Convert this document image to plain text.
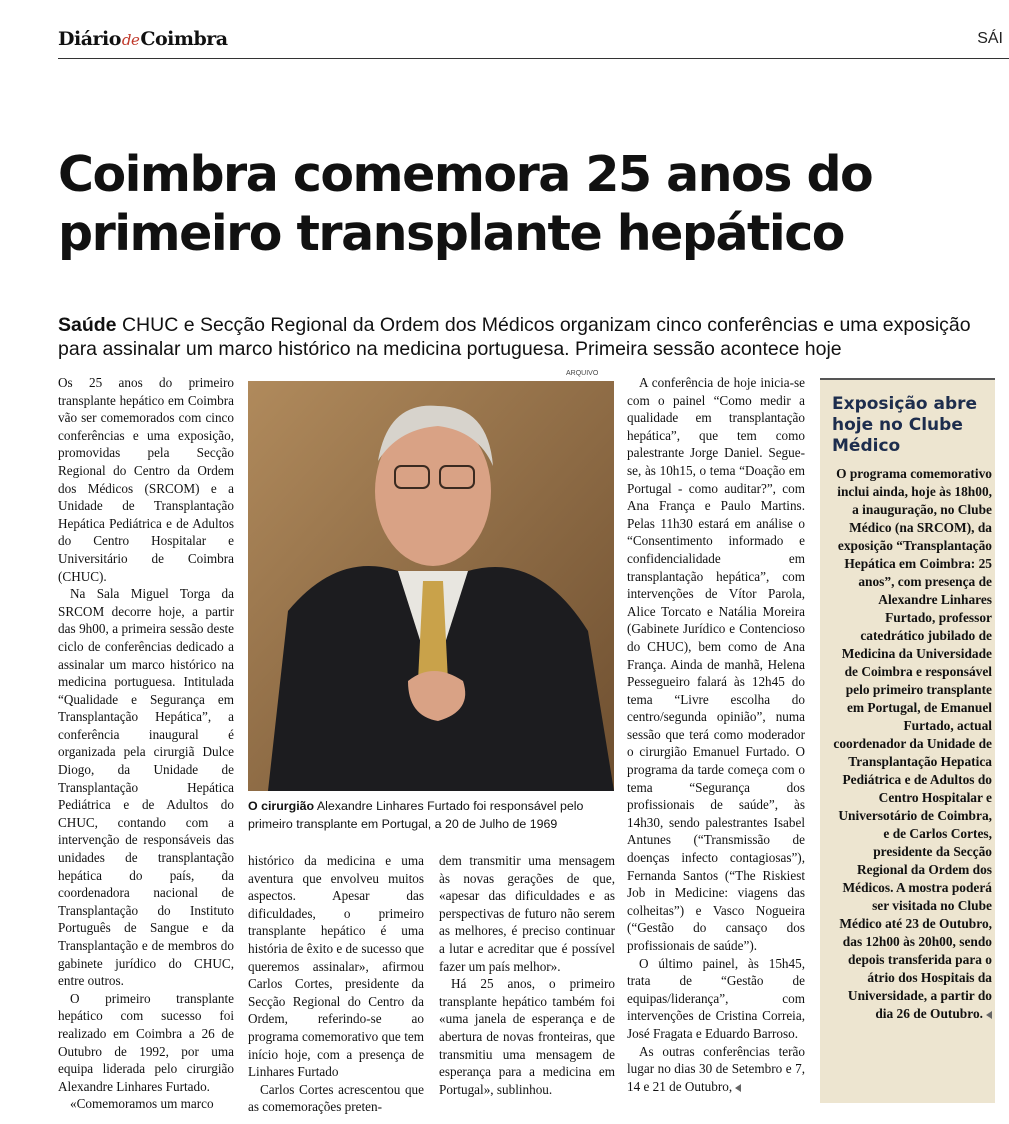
DiáriodeCoimbra	SÁI
Coimbra comemora 25 anos do primeiro transplante hepático

Saúde CHUC e Secção Regional da Ordem dos Médicos organizam cinco conferências e uma exposição para assinalar um marco histórico na medicina portuguesa. Primeira sessão acontece hoje

Os 25 anos do primeiro transplante hepático em Coimbra vão ser comemorados com cinco conferências e uma exposição, promovidas pela Secção Regional do Centro da Ordem dos Médicos (SRCOM) e a Unidade de Transplantação Hepática Pediátrica e de Adultos do Centro Hospitalar e Universitário de Coimbra (CHUC).

Na Sala Miguel Torga da SRCOM decorre hoje, a partir das 9h00, a primeira sessão deste ciclo de conferências dedicado a assinalar um marco histórico na medicina portuguesa. Intitulada “Qualidade e Segurança em Transplantação Hepática”, a conferência inaugural é organizada pela cirurgiã Dulce Diogo, da Unidade de Transplantação Hepática Pediátrica e de Adultos do CHUC, contando com a intervenção de responsáveis das unidades de transplantação hepática do país, da coordenadora nacional de Transplantação do Instituto Português de Sangue e da Transplantação e de membros do gabinete jurídico do CHUC, entre outros.

O primeiro transplante hepático com sucesso foi realizado em Coimbra a 26 de Outubro de 1992, por uma equipa liderada pelo cirurgião Alexandre Linhares Furtado.

«Comemoramos um marco

ARQUIVO

O cirurgião Alexandre Linhares Furtado foi responsável pelo primeiro transplante em Portugal, a 20 de Julho de 1969

histórico da medicina e uma aventura que envolveu muitos aspectos. Apesar das dificuldades, o primeiro transplante hepático é uma história de êxito e de sucesso que queremos assinalar», afirmou Carlos Cortes, presidente da Secção Regional do Centro da Ordem, referindo-se ao programa comemorativo que tem início hoje, com a presença de Linhares Furtado

Carlos Cortes acrescentou que as comemorações preten-

dem transmitir uma mensagem às novas gerações de que, «apesar das dificuldades e as perspectivas de futuro não serem as melhores, é preciso continuar a lutar e acreditar que é possível fazer um país melhor».

Há 25 anos, o primeiro transplante hepático também foi «uma janela de esperança e de abertura de novas fronteiras, que transmitiu uma mensagem de esperança para a medicina em Portugal», sublinhou.

A conferência de hoje inicia-se com o painel “Como medir a qualidade em transplantação hepática”, que tem como palestrante Jorge Daniel. Segue-se, às 10h15, o tema “Doação em Portugal - como auditar?”, com Ana França e Paulo Martins. Pelas 11h30 estará em análise o “Consentimento informado e confidencialidade em transplantação hepática”, com intervenções de Vítor Parola, Alice Torcato e Natália Moreira (Gabinete Jurídico e Contencioso do CHUC), bem como de Ana França. Ainda de manhã, Helena Pessegueiro falará às 12h45 do tema “Livre escolha do centro/segunda opinião”, numa sessão que terá como moderador o cirurgião Emanuel Furtado. O programa da tarde começa com o tema “Segurança dos profissionais de saúde”, às 14h30, sendo palestrantes Isabel Antunes (“Transmissão de doenças infecto contagiosas”), Fernanda Santos (“The Riskiest Job in Medicine: viagens das colheitas”) e Vasco Nogueira (“Gestão do cansaço dos profissionais de saúde”).

O último painel, às 15h45, trata de “Gestão de equipas/liderança”, com intervenções de Cristina Correia, José Fragata e Eduardo Barroso.

As outras conferências terão lugar no dias 30 de Setembro e 7, 14 e 21 de Outubro,

Exposição abre hoje no Clube Médico

O programa comemorativo inclui ainda, hoje às 18h00, a inauguração, no Clube Médico (na SRCOM), da exposição “Transplantação Hepática em Coimbra: 25 anos”, com presença de Alexandre Linhares Furtado, professor catedrático jubilado de Medicina da Universidade de Coimbra e responsável pelo primeiro transplante em Portugal, de Emanuel Furtado, actual coordenador da Unidade de Transplantação Hepatica Pediátrica e de Adultos do Centro Hospitalar e Universotário de Coimbra, e de Carlos Cortes, presidente da Secção Regional da Ordem dos Médicos. A mostra poderá ser visitada no Clube Médico até 23 de Outubro, das 12h00 às 20h00, sendo depois transferida para o átrio dos Hospitais da Universidade, a partir do dia 26 de Outubro.
